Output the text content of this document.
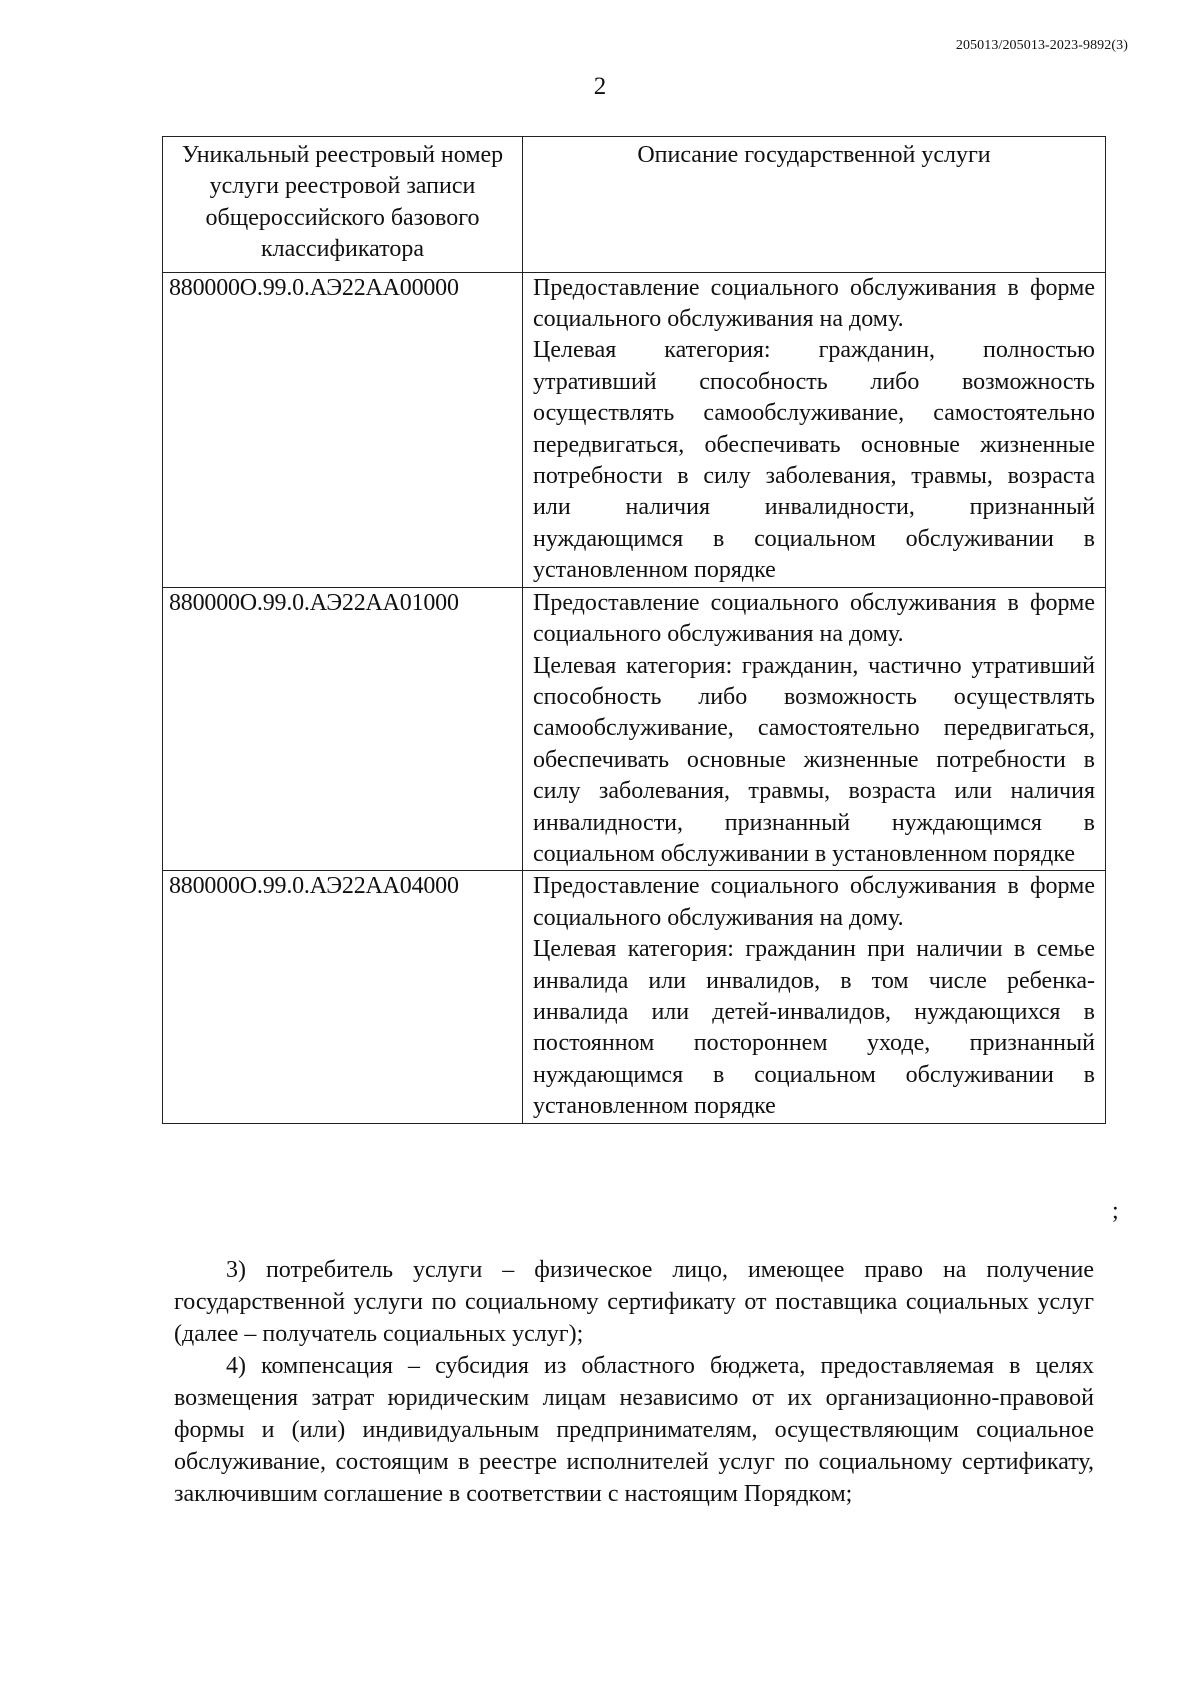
205013/205013-2023-9892(3)
2
Уникальный реестровый номер услуги реестровой записи общероссийского базового классификатора	Описание государственной услуги
880000О.99.0.АЭ22АА00000	Предоставление социального обслуживания в форме социального обслуживания на дому.

Целевая категория: гражданин, полностью утративший способность либо возможность осуществлять самообслуживание, самостоятельно передвигаться, обеспечивать основные жизненные потребности в силу заболевания, травмы, возраста или наличия инвалидности, признанный нуждающимся в социальном обслуживании в установленном порядке

880000О.99.0.АЭ22АА01000	Предоставление социального обслуживания в форме социального обслуживания на дому.

Целевая категория: гражданин, частично утративший способность либо возможность осуществлять самообслуживание, самостоятельно передвигаться, обеспечивать основные жизненные потребности в силу заболевания, травмы, возраста или наличия инвалидности, признанный нуждающимся в социальном обслуживании в установленном порядке

880000О.99.0.АЭ22АА04000	Предоставление социального обслуживания в форме социального обслуживания на дому.

Целевая категория: гражданин при наличии в семье инвалида или инвалидов, в том числе ребенка-инвалида или детей-инвалидов, нуждающихся в постоянном постороннем уходе, признанный нуждающимся в социальном обслуживании в установленном порядке

;

3) потребитель услуги – физическое лицо, имеющее право на получение государственной услуги по социальному сертификату от поставщика социальных услуг (далее – получатель социальных услуг);

4) компенсация – субсидия из областного бюджета, предоставляемая в целях возмещения затрат юридическим лицам независимо от их организационно-правовой формы и (или) индивидуальным предпринимателям, осуществляющим социальное обслуживание, состоящим в реестре исполнителей услуг по социальному сертификату, заключившим соглашение в соответствии с настоящим Порядком;
